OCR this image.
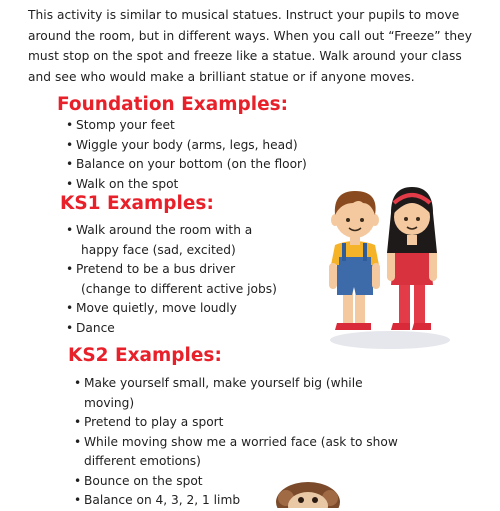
This activity is similar to musical statues. Instruct your pupils to move around the room, but in different ways. When you call out “Freeze” they must stop on the spot and freeze like a statue. Walk around your class and see who would make a brilliant statue or if anyone moves.

Foundation Examples:
• Stomp your feet
• Wiggle your body (arms, legs, head)
• Balance on your bottom (on the floor)
• Walk on the spot
KS1 Examples:
• Walk around the room with a
happy face (sad, excited)
• Pretend to be a bus driver
(change to different active jobs)
• Move quietly, move loudly
• Dance
KS2 Examples:
• Make yourself small, make yourself big (while
moving)
• Pretend to play a sport
• While moving show me a worried face (ask to show
different emotions)
• Bounce on the spot
• Balance on 4, 3, 2, 1 limb
